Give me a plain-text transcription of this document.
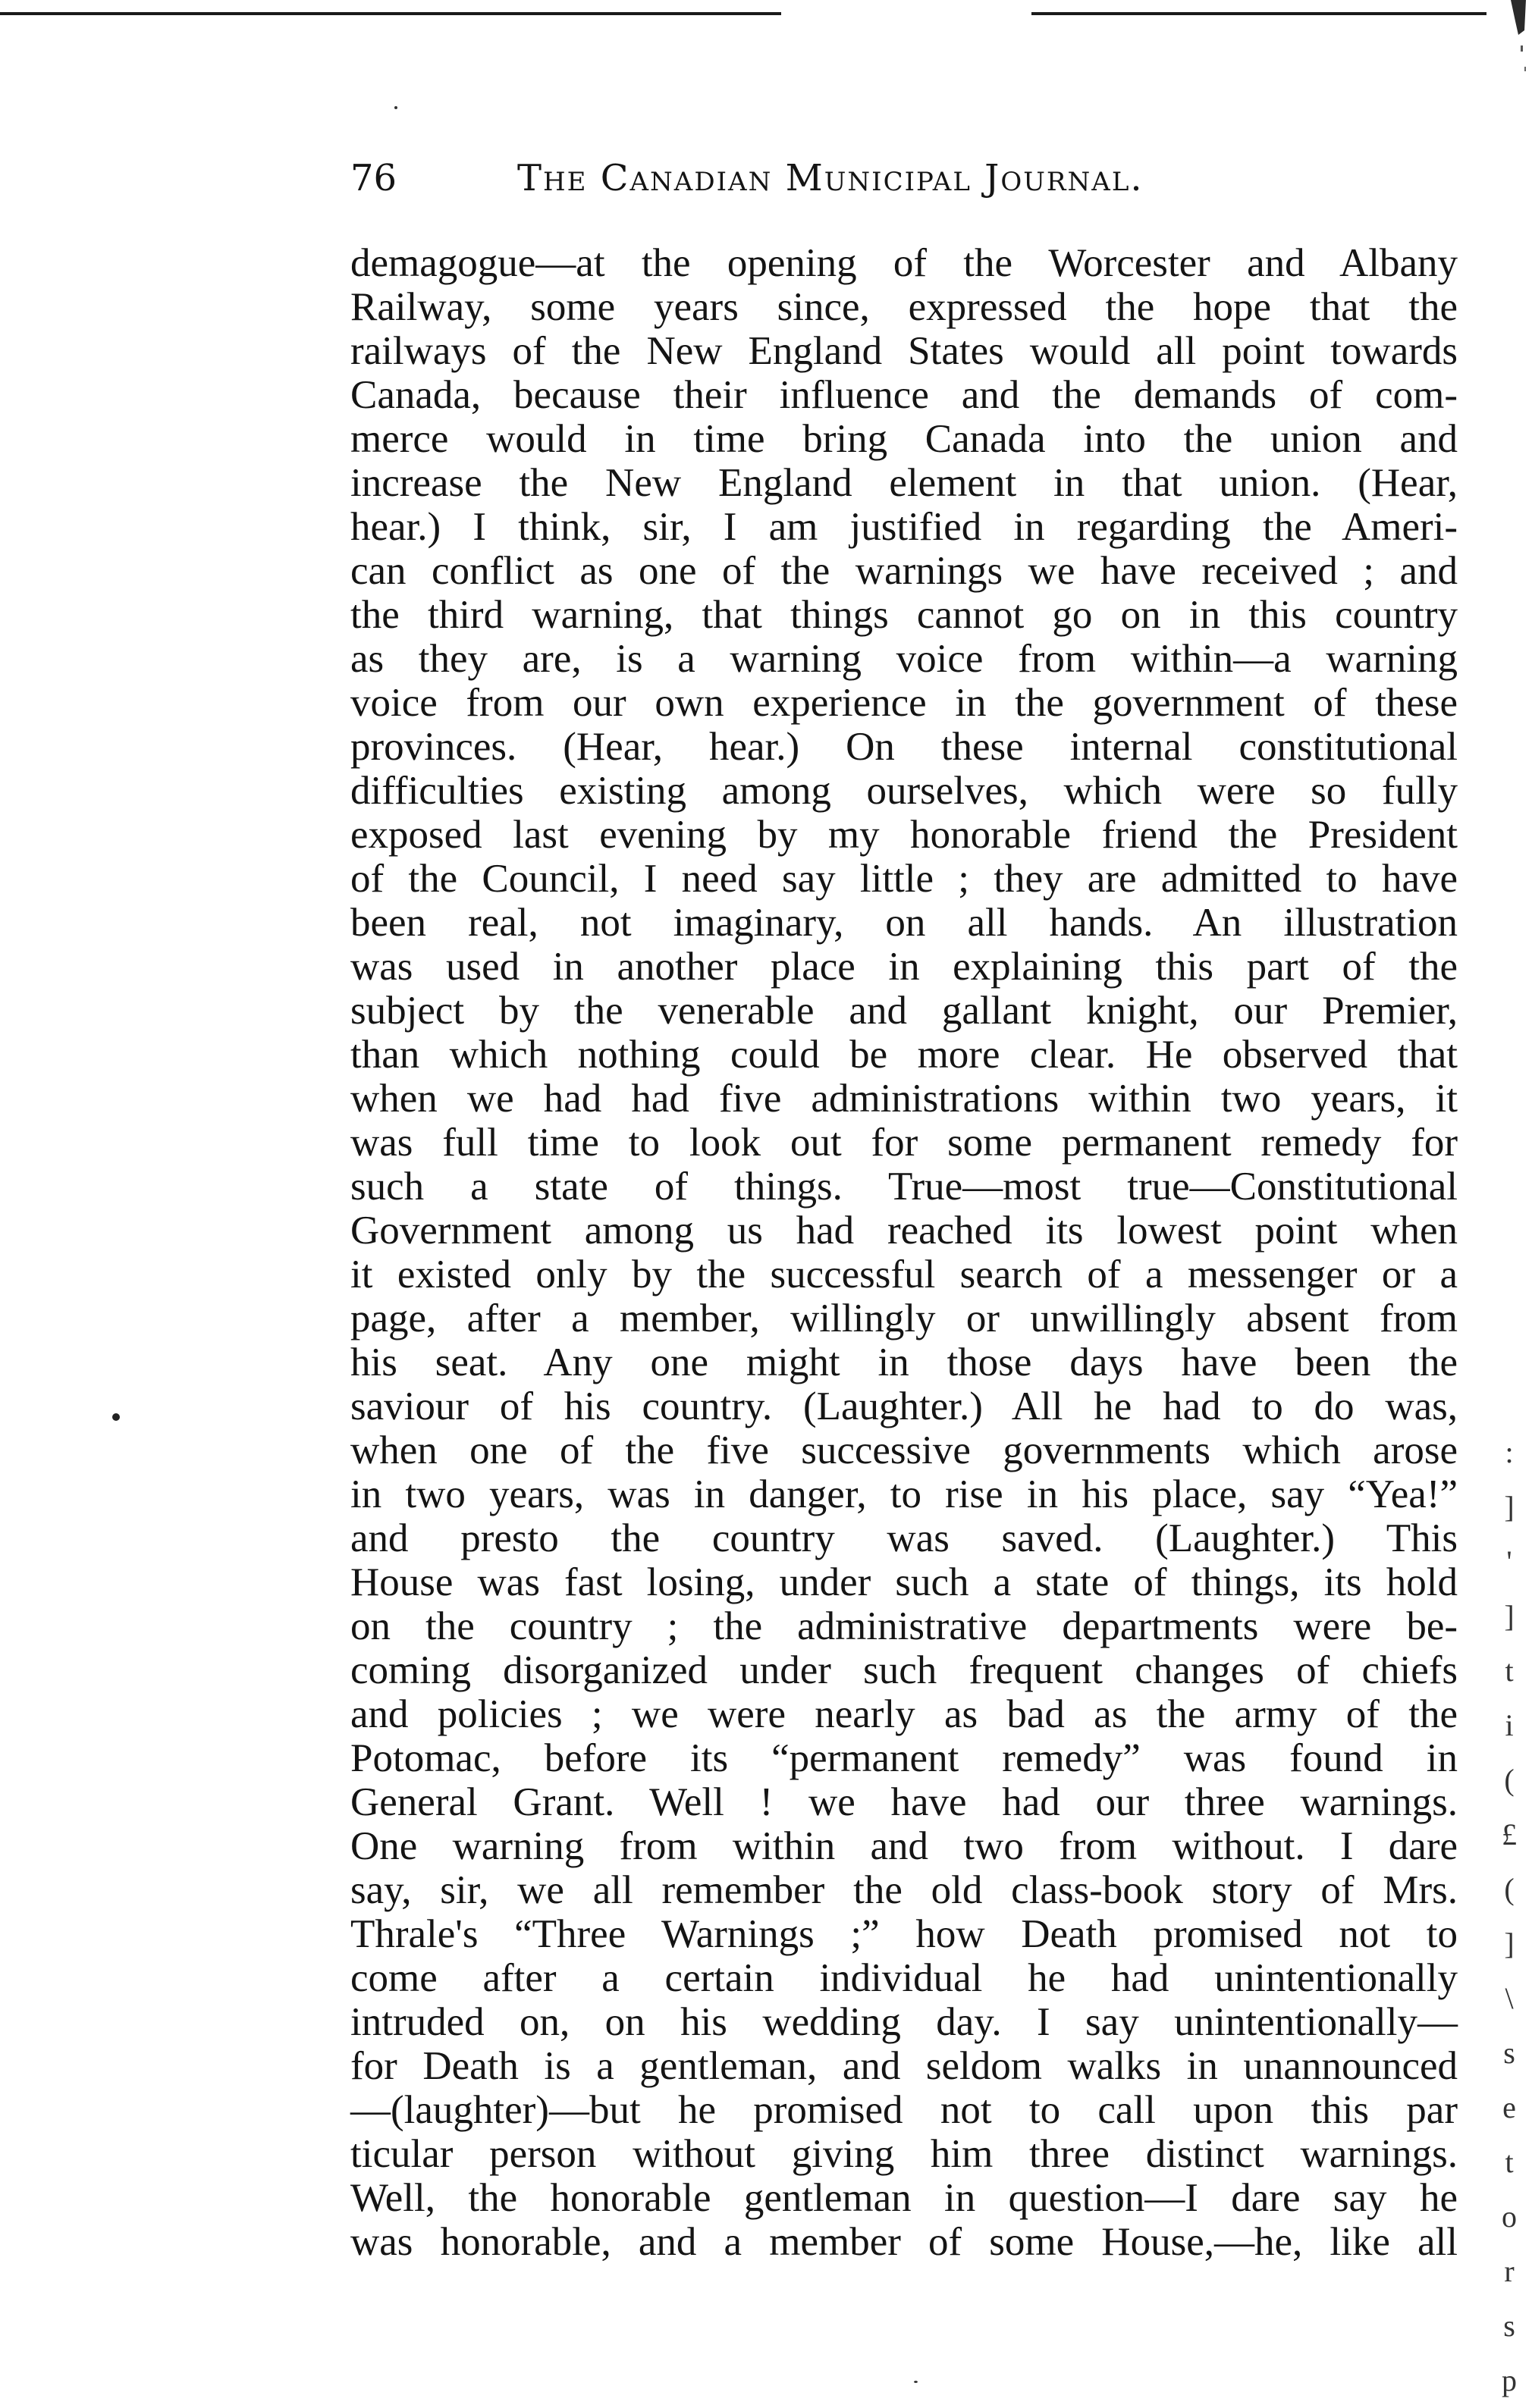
76	The Canadian Municipal Journal.
demagogue—at the opening of the Worcester and Albany
Railway, some years since, expressed the hope that the
railways of the New England States would all point towards
Canada, because their influence and the demands of com-
merce would in time bring Canada into the union and
increase the New England element in that union. (Hear,
hear.) I think, sir, I am justified in regarding the Ameri-
can conflict as one of the warnings we have received ; and
the third warning, that things cannot go on in this country
as they are, is a warning voice from within—a warning
voice from our own experience in the government of these
provinces. (Hear, hear.) On these internal constitutional
difficulties existing among ourselves, which were so fully
exposed last evening by my honorable friend the President
of the Council, I need say little ; they are admitted to have
been real, not imaginary, on all hands. An illustration
was used in another place in explaining this part of the
subject by the venerable and gallant knight, our Premier,
than which nothing could be more clear. He observed that
when we had had five administrations within two years, it
was full time to look out for some permanent remedy for
such a state of things. True—most true—Constitutional
Government among us had reached its lowest point when
it existed only by the successful search of a messenger or a
page, after a member, willingly or unwillingly absent from
his seat. Any one might in those days have been the
saviour of his country. (Laughter.) All he had to do was,
when one of the five successive governments which arose
in two years, was in danger, to rise in his place, say “Yea!”
and presto the country was saved. (Laughter.) This
House was fast losing, under such a state of things, its hold
on the country ; the administrative departments were be-
coming disorganized under such frequent changes of chiefs
and policies ; we were nearly as bad as the army of the
Potomac, before its “permanent remedy” was found in
General Grant. Well ! we have had our three warnings.
One warning from within and two from without. I dare
say, sir, we all remember the old class-book story of Mrs.
Thrale's “Three Warnings ;” how Death promised not to
come after a certain individual he had unintentionally
intruded on, on his wedding day. I say unintentionally—
for Death is a gentleman, and seldom walks in unannounced
—(laughter)—but he promised not to call upon this par
ticular person without giving him three distinct warnings.
Well, the honorable gentleman in question—I dare say he
was honorable, and a member of some House,—he, like all
:
]
'
]
t
i
(
£
(
]
\
s
e
t
o
r
s
p
